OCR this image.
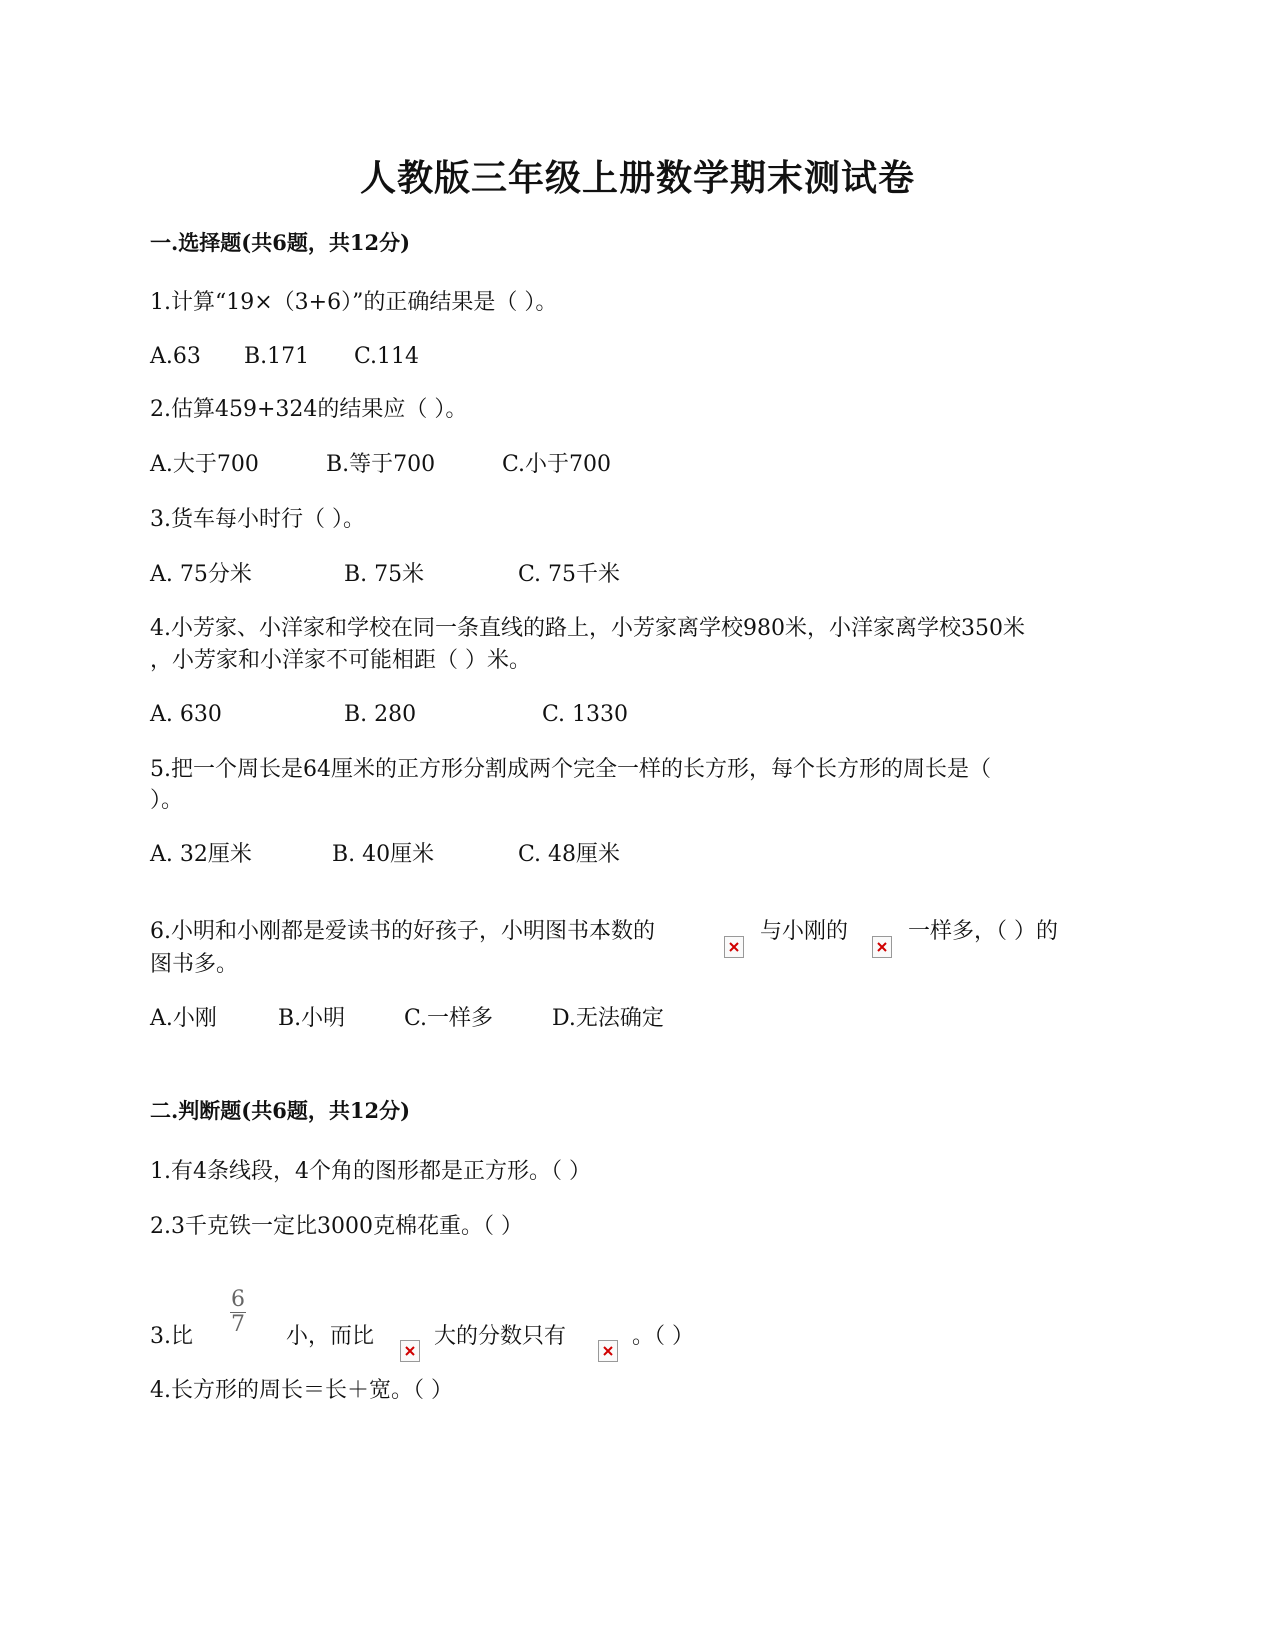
人教版三年级上册数学期末测试卷
一.选择题(共6题，共12分)
1.计算“19×（3+6）”的正确结果是（ ）。
A.63 B.171 C.114
2.估算459+324的结果应（ ）。
A.大于700	B.等于700	C.小于700
3.货车每小时行（ ）。
A. 75分米	B. 75米	C. 75千米
4.小芳家、小洋家和学校在同一条直线的路上，小芳家离学校980米，小洋家离学校350米
，小芳家和小洋家不可能相距（ ）米。
A. 630	B. 280	C. 1330
5.把一个周长是64厘米的正方形分割成两个完全一样的长方形，每个长方形的周长是（
）。
A. 32厘米	B. 40厘米	C. 48厘米
6.小明和小刚都是爱读书的好孩子，小明图书本数的	与小刚的	一样多，（ ）的
图书多。
A.小刚	B.小明	C.一样多	D.无法确定
二.判断题(共6题，共12分)
1.有4条线段，4个角的图形都是正方形。（ ）
2.3千克铁一定比3000克棉花重。（ ）
3.比
6
7 小，而比	大的分数只有	。（ ）
4.长方形的周长＝长＋宽。（ ）
